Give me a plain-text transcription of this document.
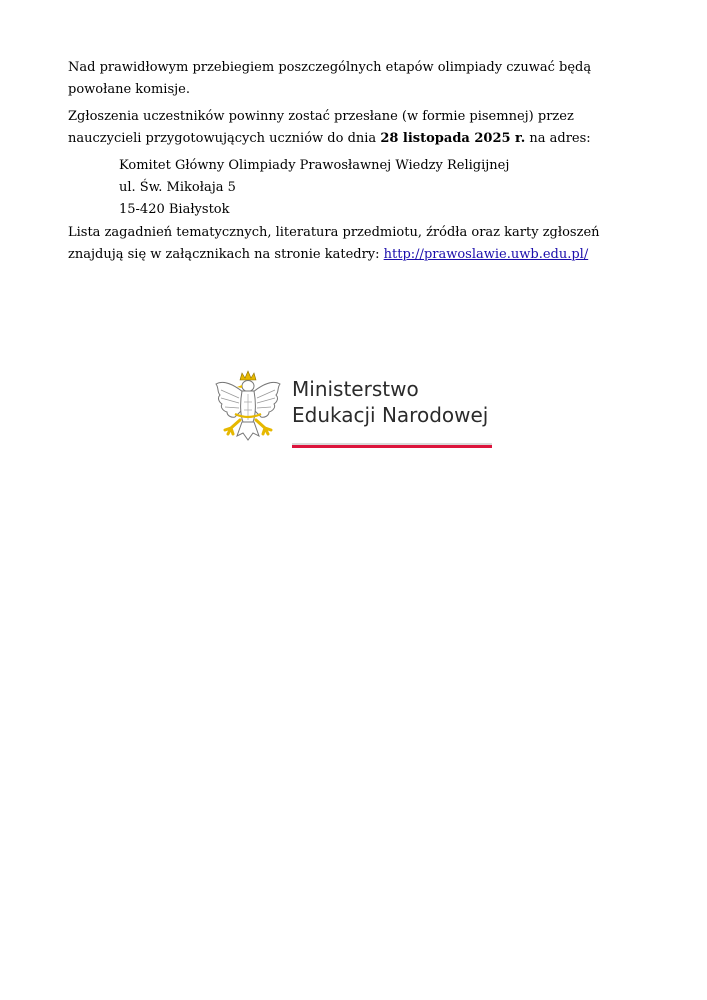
Nad prawidłowym przebiegiem poszczególnych etapów olimpiady czuwać będą powołane komisje.

Zgłoszenia uczestników powinny zostać przesłane (w formie pisemnej) przez nauczycieli przygotowujących uczniów do dnia 28 listopada 2025 r. na adres:

Komitet Główny Olimpiady Prawosławnej Wiedzy Religijnej
ul. Św. Mikołaja 5
15-420 Białystok

Lista zagadnień tematycznych, literatura przedmiotu, źródła oraz karty zgłoszeń znajdują się w załącznikach na stronie katedry: http://prawoslawie.uwb.edu.pl/

Ministerstwo
Edukacji Narodowej
